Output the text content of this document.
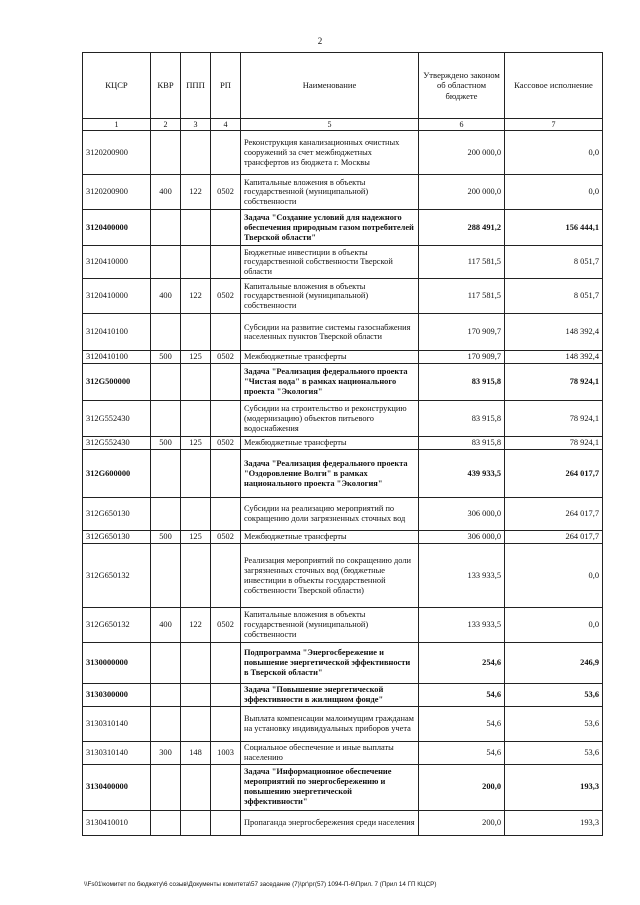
2
КЦСР	КВР	ППП	РП	Наименование	Утверждено законом об областном бюджете	Кассовое исполнение
1	2	3	4	5	6	7
3120200900				Реконструкция канализационных очистных сооружений за счет межбюджетных трансфертов из бюджета г. Москвы	200 000,0	0,0
3120200900	400	122	0502	Капитальные вложения в объекты государственной (муниципальной) собственности	200 000,0	0,0
3120400000				Задача "Создание условий для надежного обеспечения природным газом потребителей Тверской области"	288 491,2	156 444,1
3120410000				Бюджетные инвестиции в объекты государственной собственности Тверской области	117 581,5	8 051,7
3120410000	400	122	0502	Капитальные вложения в объекты государственной (муниципальной) собственности	117 581,5	8 051,7
3120410100				Субсидии на развитие системы газоснабжения населенных пунктов Тверской области	170 909,7	148 392,4
3120410100	500	125	0502	Межбюджетные трансферты	170 909,7	148 392,4
312G500000				Задача "Реализация федерального проекта "Чистая вода" в рамках национального проекта "Экология"	83 915,8	78 924,1
312G552430				Субсидии на строительство и реконструкцию (модернизацию) объектов питьевого водоснабжения	83 915,8	78 924,1
312G552430	500	125	0502	Межбюджетные трансферты	83 915,8	78 924,1
312G600000				Задача "Реализация федерального проекта "Оздоровление Волги" в рамках национального проекта "Экология"	439 933,5	264 017,7
312G650130				Субсидии на реализацию мероприятий по сокращению доли загрязненных сточных вод	306 000,0	264 017,7
312G650130	500	125	0502	Межбюджетные трансферты	306 000,0	264 017,7
312G650132				Реализация мероприятий по сокращению доли загрязненных сточных вод (бюджетные инвестиции в объекты государственной собственности Тверской области)	133 933,5	0,0
312G650132	400	122	0502	Капитальные вложения в объекты государственной (муниципальной) собственности	133 933,5	0,0
3130000000				Подпрограмма "Энергосбережение и повышение энергетической эффективности в Тверской области"	254,6	246,9
3130300000				Задача "Повышение энергетической эффективности в жилищном фонде"	54,6	53,6
3130310140				Выплата компенсации малоимущим гражданам на установку индивидуальных приборов учета	54,6	53,6
3130310140	300	148	1003	Социальное обеспечение и иные выплаты населению	54,6	53,6
3130400000				Задача "Информационное обеспечение мероприятий по энергосбережению и повышению энергетической эффективности"	200,0	193,3
3130410010				Пропаганда энергосбережения среди населения	200,0	193,3
\\Fs01\комитет по бюджету\6 созыв\Документы комитета\57 заседание (7)\рг\рг(57) 1094-П-6\Прил. 7 (Прил 14 ГП КЦСР)
